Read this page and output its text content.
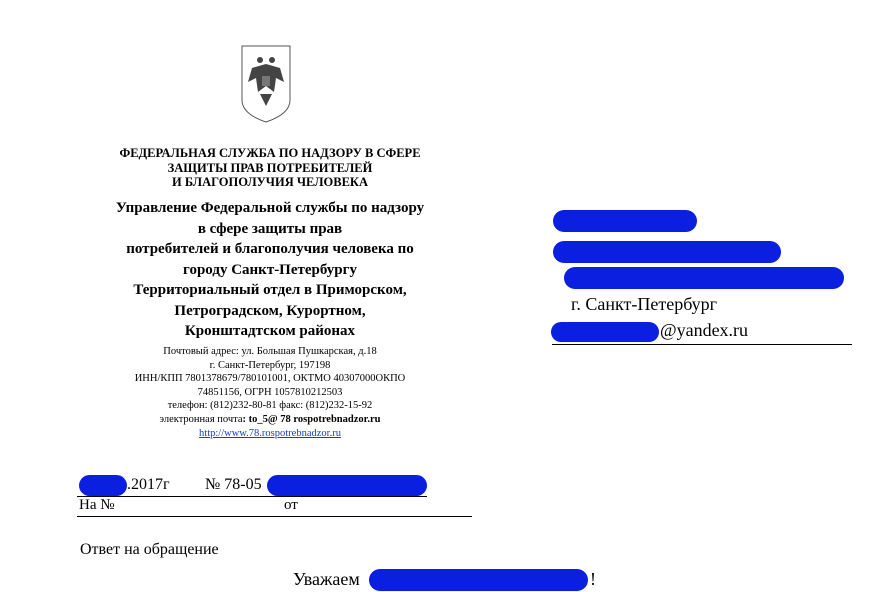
ФЕДЕРАЛЬНАЯ СЛУЖБА ПО НАДЗОРУ В СФЕРЕ
ЗАЩИТЫ ПРАВ ПОТРЕБИТЕЛЕЙ
И БЛАГОПОЛУЧИЯ ЧЕЛОВЕКА
Управление Федеральной службы по надзору
в сфере защиты прав
потребителей и благополучия человека по
городу Санкт-Петербургу
Территориальный отдел в Приморском,
Петроградском, Курортном,
Кронштадтском районах
Почтовый адрес: ул. Большая Пушкарская, д.18
г. Санкт-Петербург, 197198
ИНН/КПП 7801378679/780101001, ОКТМО 40307000ОКПО
74851156, ОГРН 1057810212503
телефон: (812)232-80-81 факс: (812)232-15-92
электронная почта: to_5@ 78 rospotrebnadzor.ru
http://www.78.rospotrebnadzor.ru
г. Санкт-Петербург
@yandex.ru
.2017г № 78-05
На №	от
Ответ на обращение
Уважаем	!
